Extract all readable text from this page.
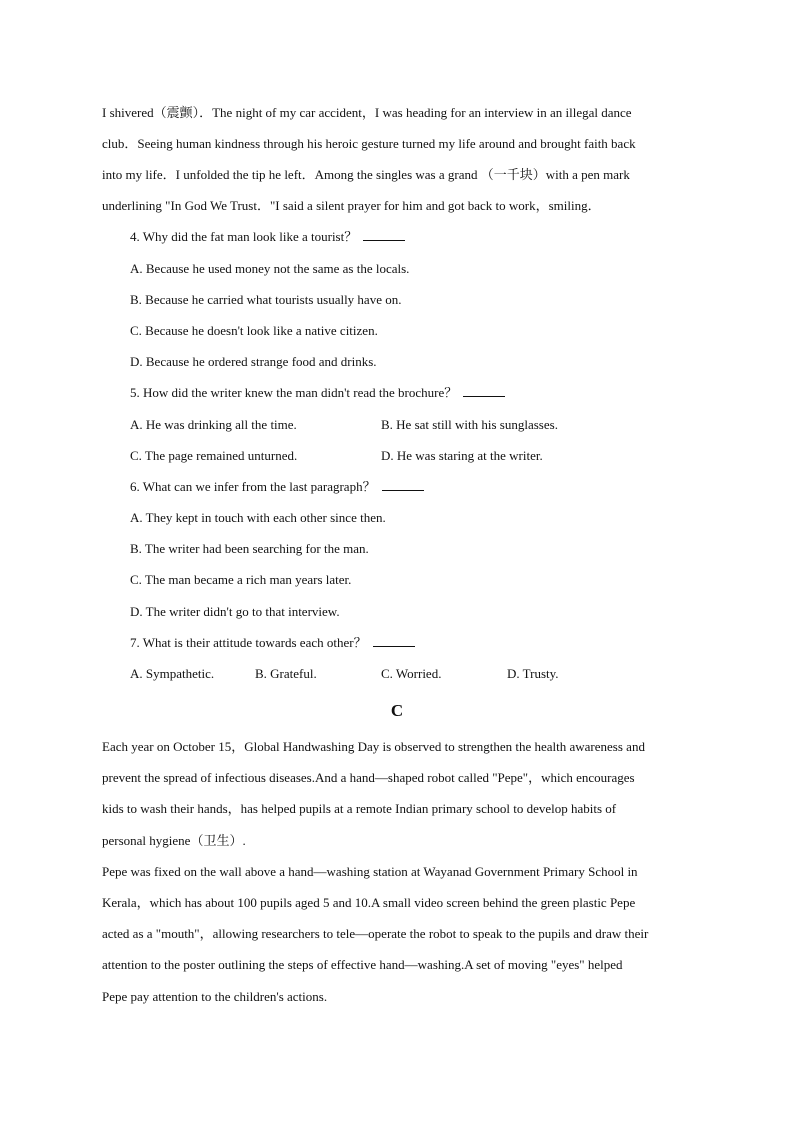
I shivered（震颤）．The night of my car accident，I was heading for an interview in an illegal dance
club．Seeing human kindness through his heroic gesture turned my life around and brought faith back
into my life．I unfolded the tip he left．Among the singles was a grand （一千块）with a pen mark
underlining "In God We Trust．"I said a silent prayer for him and got back to work，smiling．
4. Why did the fat man look like a tourist？
A. Because he used money not the same as the locals.
B. Because he carried what tourists usually have on.
C. Because he doesn't look like a native citizen.
D. Because he ordered strange food and drinks.
5. How did the writer knew the man didn't read the brochure？
A. He was drinking all the time.	B. He sat still with his sunglasses.
C. The page remained unturned.	D. He was staring at the writer.
6. What can we infer from the last paragraph？
A. They kept in touch with each other since then.
B. The writer had been searching for the man.
C. The man became a rich man years later.
D. The writer didn't go to that interview.
7. What is their attitude towards each other？
A. Sympathetic.	B. Grateful.	C. Worried.	D. Trusty.
C
Each year on October 15，Global Handwashing Day is observed to strengthen the health awareness and
prevent the spread of infectious diseases.And a hand—shaped robot called "Pepe"，which encourages
kids to wash their hands，has helped pupils at a remote Indian primary school to develop habits of
personal hygiene（卫生）.
Pepe was fixed on the wall above a hand—washing station at Wayanad Government Primary School in
Kerala，which has about 100 pupils aged 5 and 10.A small video screen behind the green plastic Pepe
acted as a "mouth"，allowing researchers to tele—operate the robot to speak to the pupils and draw their
attention to the poster outlining the steps of effective hand—washing.A set of moving "eyes" helped
Pepe pay attention to the children's actions.
